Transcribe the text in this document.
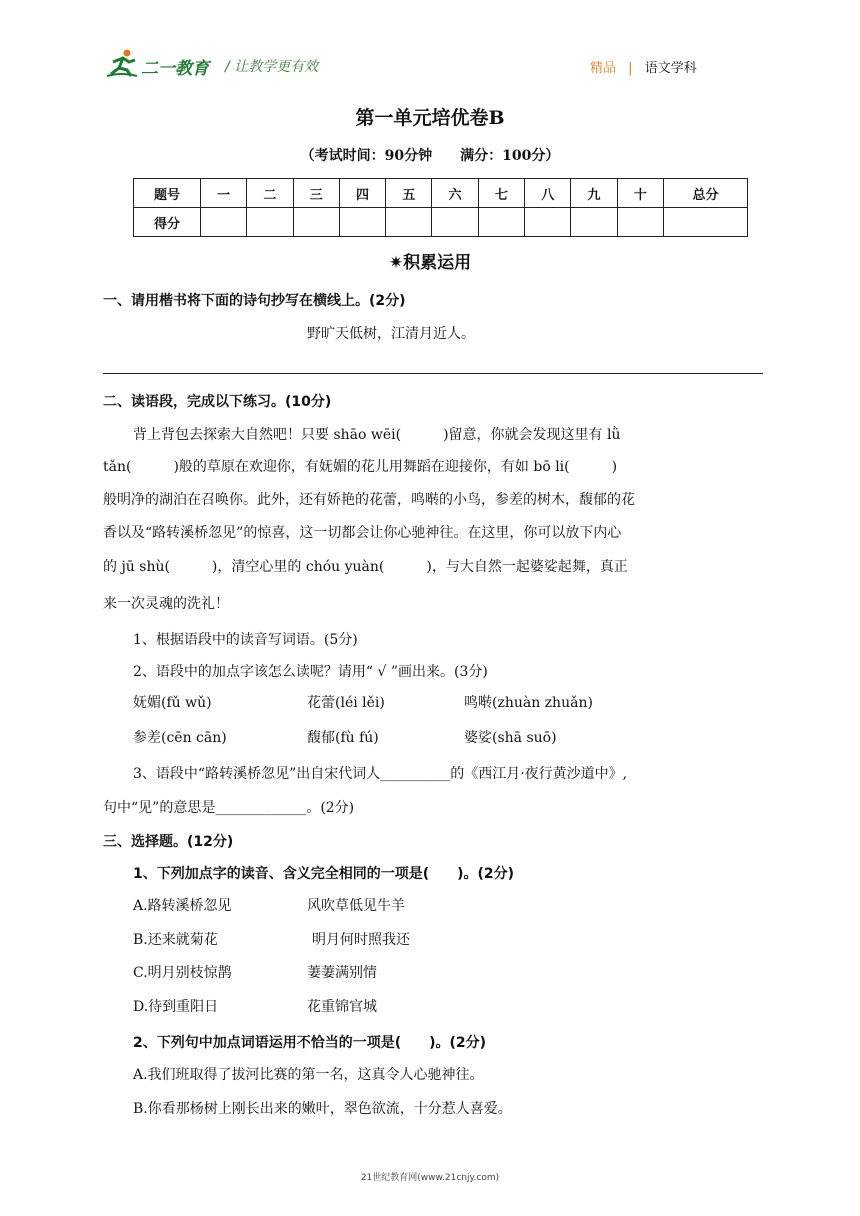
二一教育 / 让教学更有效	精品 | 语文学科
第一单元培优卷B
（考试时间：90分钟　　满分：100分）
题号	一	二	三	四	五	六	七	八	九	十	总分
得分											
✷积累运用
一、请用楷书将下面的诗句抄写在横线上。(2分)
野旷天低树，江清月近人。
二、读语段，完成以下练习。(10分)
背上背包去探索大自然吧！只要 shāo wēi(　　　)留意，你就会发现这里有 lǜ
tǎn(　　　)般的草原在欢迎你，有妩媚的花儿用舞蹈在迎接你，有如 bō li(　　　)
般明净的湖泊在召唤你。此外，还有娇艳的花蕾，鸣啭的小鸟，参差的树木，馥郁的花
香以及“路转溪桥忽见”的惊喜，这一切都会让你心驰神往。在这里，你可以放下内心
的 jū shù(　　　)，清空心里的 chóu yuàn(　　　)，与大自然一起婆娑起舞，真正
来一次灵魂的洗礼！
1、根据语段中的读音写词语。(5分)
2、语段中的加点字该怎么读呢？请用“ √ ”画出来。(3分)
妩媚(fǔ wǔ)	花蕾(léi lěi)	鸣啭(zhuàn zhuǎn)
参差(cēn cān)	馥郁(fù fú)	婆娑(shā suō)
3、语段中“路转溪桥忽见”出自宋代词人__________的《西江月·夜行黄沙道中》,
句中“见”的意思是_____________。(2分)
三、选择题。(12分)
1、下列加点字的读音、含义完全相同的一项是(　　)。(2分)
A.路转溪桥忽见	风吹草低见牛羊
B.还来就菊花	明月何时照我还
C.明月别枝惊鹊	萋萋满别情
D.待到重阳日	花重锦官城
2、下列句中加点词语运用不恰当的一项是(　　)。(2分)
A.我们班取得了拔河比赛的第一名，这真令人心驰神往。
B.你看那杨树上刚长出来的嫩叶，翠色欲流，十分惹人喜爱。
21世纪教育网(www.21cnjy.com)
